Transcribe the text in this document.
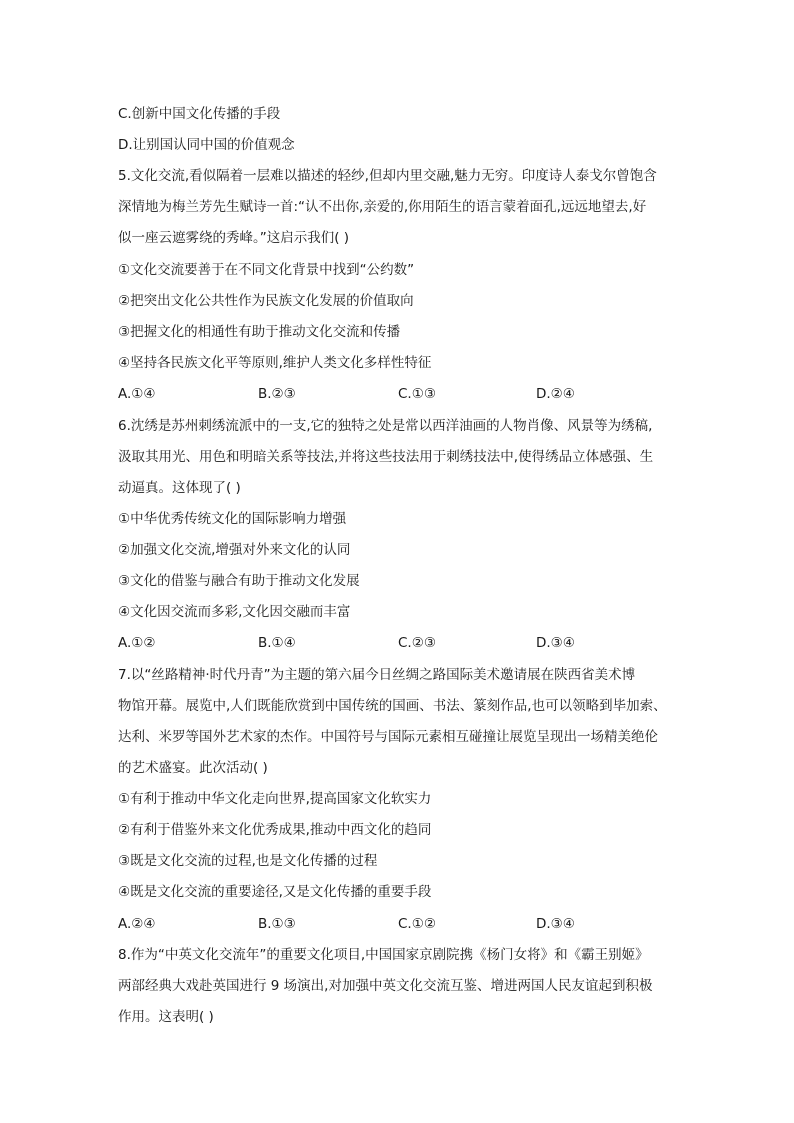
C.创新中国文化传播的手段
D.让别国认同中国的价值观念
5.文化交流,看似隔着一层难以描述的轻纱,但却内里交融,魅力无穷。印度诗人泰戈尔曾饱含
深情地为梅兰芳先生赋诗一首:“认不出你,亲爱的,你用陌生的语言蒙着面孔,远远地望去,好
似一座云遮雾绕的秀峰。”这启示我们( )
①文化交流要善于在不同文化背景中找到“公约数”
②把突出文化公共性作为民族文化发展的价值取向
③把握文化的相通性有助于推动文化交流和传播
④坚持各民族文化平等原则,维护人类文化多样性特征
A.①④	B.②③	C.①③	D.②④
6.沈绣是苏州刺绣流派中的一支,它的独特之处是常以西洋油画的人物肖像、风景等为绣稿,
汲取其用光、用色和明暗关系等技法,并将这些技法用于刺绣技法中,使得绣品立体感强、生
动逼真。这体现了( )
①中华优秀传统文化的国际影响力增强
②加强文化交流,增强对外来文化的认同
③文化的借鉴与融合有助于推动文化发展
④文化因交流而多彩,文化因交融而丰富
A.①②	B.①④	C.②③	D.③④
7.以“丝路精神·时代丹青”为主题的第六届今日丝绸之路国际美术邀请展在陕西省美术博
物馆开幕。展览中,人们既能欣赏到中国传统的国画、书法、篆刻作品,也可以领略到毕加索、
达利、米罗等国外艺术家的杰作。中国符号与国际元素相互碰撞让展览呈现出一场精美绝伦
的艺术盛宴。此次活动( )
①有利于推动中华文化走向世界,提高国家文化软实力
②有利于借鉴外来文化优秀成果,推动中西文化的趋同
③既是文化交流的过程,也是文化传播的过程
④既是文化交流的重要途径,又是文化传播的重要手段
A.②④	B.①③	C.①②	D.③④
8.作为“中英文化交流年”的重要文化项目,中国国家京剧院携《杨门女将》和《霸王别姬》
两部经典大戏赴英国进行 9 场演出,对加强中英文化交流互鉴、增进两国人民友谊起到积极
作用。这表明( )
